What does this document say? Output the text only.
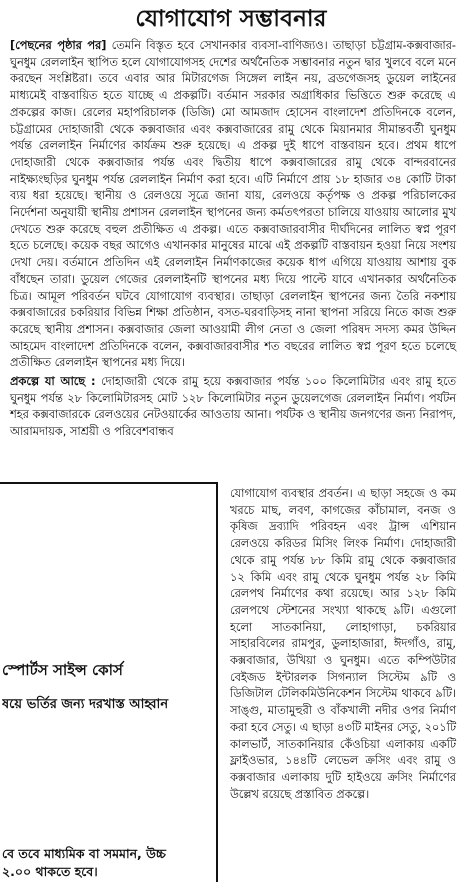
যোগাযোগ সম্ভাবনার

[পেছনের পৃষ্ঠার পর] তেমনি বিস্তৃত হবে সেখানকার ব্যবসা-বাণিজ্যও। তাছাড়া চট্টগ্রাম-কক্সবাজার-ঘুনধুম রেললাইন স্থাপিত হলে যোগাযোগসহ দেশের অর্থনৈতিক সম্ভাবনার নতুন দ্বার খুলবে বলে মনে করছেন সংশ্লিষ্টরা। তবে এবার আর মিটারগেজ সিঙ্গেল লাইন নয়, ব্রডগেজসহ ডুয়েল লাইনের মাধ্যমেই বাস্তবায়িত হতে যাচ্ছে এ প্রকল্পটি। বর্তমান সরকার অগ্রাধিকার ভিত্তিতে শুরু করেছে এ প্রকল্পের কাজ। রেলের মহাপরিচালক (ডিজি) মো আমজাদ হোসেন বাংলাদেশ প্রতিদিনকে বলেন, চট্টগ্রামের দোহাজারী থেকে কক্সবাজার এবং কক্সবাজারের রামু থেকে মিয়ানমার সীমান্তবর্তী ঘুনধুম পর্যন্ত রেললাইন নির্মাণের কার্যক্রম শুরু হয়েছে। এ প্রকল্প দুই ধাপে বাস্তবায়ন হবে। প্রথম ধাপে দোহাজারী থেকে কক্সবাজার পর্যন্ত এবং দ্বিতীয় ধাপে কক্সবাজারের রামু থেকে বান্দরবানের নাইক্ষ্যংছড়ির ঘুনধুম পর্যন্ত রেললাইন নির্মাণ করা হবে। এটি নির্মাণে প্রায় ১৮ হাজার ৩৪ কোটি টাকা ব্যয় ধরা হয়েছে। স্থানীয় ও রেলওয়ে সূত্রে জানা যায়, রেলওয়ে কর্তৃপক্ষ ও প্রকল্প পরিচালকের নির্দেশনা অনুযায়ী স্থানীয় প্রশাসন রেললাইন স্থাপনের জন্য কর্মতৎপরতা চালিয়ে যাওয়ায় আলোর মুখ দেখতে শুরু করেছে বহুল প্রতীক্ষিত এ প্রকল্প। এতে কক্সবাজারবাসীর দীর্ঘদিনের লালিত স্বপ্ন পূরণ হতে চলেছে। কয়েক বছর আগেও এখানকার মানুষের মাঝে এই প্রকল্পটি বাস্তবায়ন হওয়া নিয়ে সংশয় দেখা দেয়। বর্তমানে প্রতিদিন এই রেললাইন নির্মাণকাজের কয়েক ধাপ এগিয়ে যাওয়ায় আশায় বুক বাঁধছেন তারা। ডুয়েল গেজের রেললাইনটি স্থাপনের মধ্য দিয়ে পাল্টে যাবে এখানকার অর্থনৈতিক চিত্র। আমূল পরিবর্তন ঘটবে যোগাযোগ ব্যবস্থার। তাছাড়া রেললাইন স্থাপনের জন্য তৈরি নকশায় কক্সবাজারের চকরিয়ার বিভিন্ন শিক্ষা প্রতিষ্ঠান, বসত-ঘরবাড়িসহ নানা স্থাপনা সরিয়ে নিতে কাজ শুরু করেছে স্থানীয় প্রশাসন। কক্সবাজার জেলা আওয়ামী লীগ নেতা ও জেলা পরিষদ সদস্য কমর উদ্দিন আহমেদ বাংলাদেশ প্রতিদিনকে বলেন, কক্সবাজারবাসীর শত বছরের লালিত স্বপ্ন পূরণ হতে চলেছে প্রতীক্ষিত রেললাইন স্থাপনের মধ্য দিয়ে।

প্রকল্পে যা আছে : দোহাজারী থেকে রামু হয়ে কক্সবাজার পর্যন্ত ১০০ কিলোমিটার এবং রামু হতে ঘুনধুম পর্যন্ত ২৮ কিলোমিটারসহ মোট ১২৮ কিলোমিটার নতুন ডুয়েলগেজ রেললাইন নির্মাণ। পর্যটন শহর কক্সবাজারকে রেলওয়ের নেটওয়ার্কের আওতায় আনা। পর্যটক ও স্থানীয় জনগণের জন্য নিরাপদ, আরামদায়ক, সাশ্রয়ী ও পরিবেশবান্ধব

স্পোর্টস সাইন্স কোর্স
ষয়ে ভর্তির জন্য দরখাস্ত আহ্বান
বে তবে মাধ্যমিক বা সমমান, উচ্চ
২.০০ থাকতে হবে।
যোগাযোগ ব্যবস্থার প্রবর্তন। এ ছাড়া সহজে ও কম খরচে মাছ, লবণ, কাগজের কাঁচামাল, বনজ ও কৃষিজ দ্রব্যাদি পরিবহন এবং ট্রান্স এশিয়ান রেলওয়ে করিডর মিসিং লিংক নির্মাণ। দোহাজারী থেকে রামু পর্যন্ত ৮৮ কিমি রামু থেকে কক্সবাজার ১২ কিমি এবং রামু থেকে ঘুনধুম পর্যন্ত ২৮ কিমি রেলপথ নির্মাণের কথা রয়েছে। আর ১২৮ কিমি রেলপথে স্টেশনের সংখ্যা থাকছে ৯টি। এগুলো হলো সাতকানিয়া, লোহাগাড়া, চকরিয়ার সাহারবিলের রামপুর, ডুলাহাজারা, ঈদগাঁও, রামু, কক্সবাজার, উখিয়া ও ঘুনধুম। এতে কম্পিউটার বেইজড ইন্টারলক সিগন্যাল সিস্টেম ৯টি ও ডিজিটাল টেলিকমিউনিকেশন সিস্টেম থাকবে ৯টি। সাঙ্গু, মাতামুহুরী ও বাঁকখালী নদীর ওপর নির্মাণ করা হবে সেতু। এ ছাড়া ৪৩টি মাইনর সেতু, ২০১টি কালভার্ট, সাতকানিয়ার কেঁওচিয়া এলাকায় একটি ফ্লাইওভার, ১৪৪টি লেভেল ক্রসিং এবং রামু ও কক্সবাজার এলাকায় দুটি হাইওয়ে ক্রসিং নির্মাণের উল্লেখ রয়েছে প্রস্তাবিত প্রকল্পে।
